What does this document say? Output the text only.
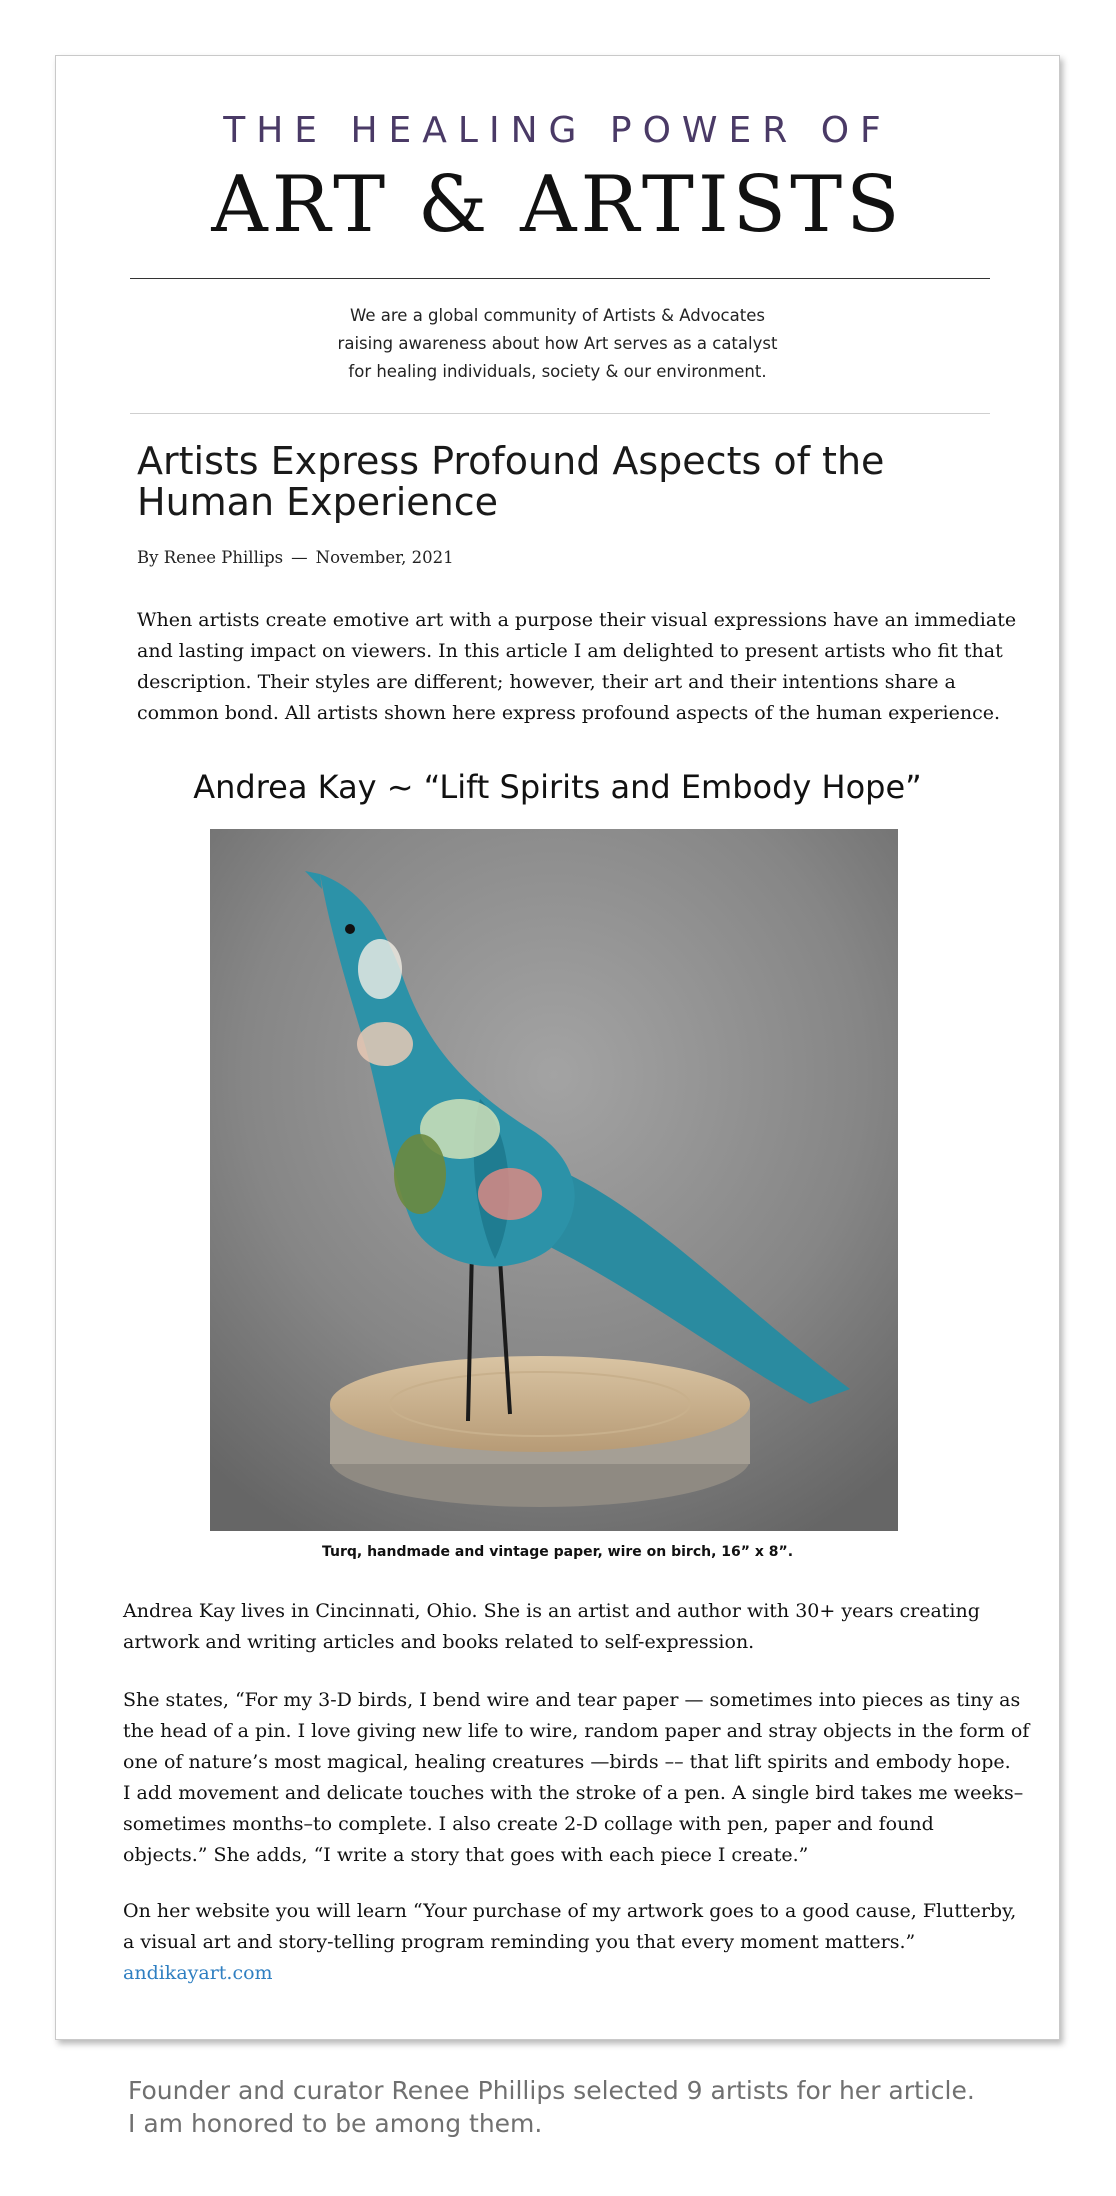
THE HEALING POWER OF
ART & ARTISTS
We are a global community of Artists & Advocates
raising awareness about how Art serves as a catalyst
for healing individuals, society & our environment.
Artists Express Profound Aspects of the Human Experience
By Renee Phillips — November, 2021
When artists create emotive art with a purpose their visual expressions have an immediate
and lasting impact on viewers. In this article I am delighted to present artists who fit that
description. Their styles are different; however, their art and their intentions share a
common bond. All artists shown here express profound aspects of the human experience.
Andrea Kay ~ “Lift Spirits and Embody Hope”
Turq, handmade and vintage paper, wire on birch, 16” x 8”.
Andrea Kay lives in Cincinnati, Ohio. She is an artist and author with 30+ years creating
artwork and writing articles and books related to self-expression.
She states, “For my 3-D birds, I bend wire and tear paper — sometimes into pieces as tiny as
the head of a pin. I love giving new life to wire, random paper and stray objects in the form of
one of nature’s most magical, healing creatures —birds –– that lift spirits and embody hope.
I add movement and delicate touches with the stroke of a pen. A single bird takes me weeks–
sometimes months–to complete. I also create 2-D collage with pen, paper and found
objects.” She adds, “I write a story that goes with each piece I create.”
On her website you will learn “Your purchase of my artwork goes to a good cause, Flutterby,
a visual art and story-telling program reminding you that every moment matters.”
andikayart.com
Founder and curator Renee Phillips selected 9 artists for her article.
I am honored to be among them.
